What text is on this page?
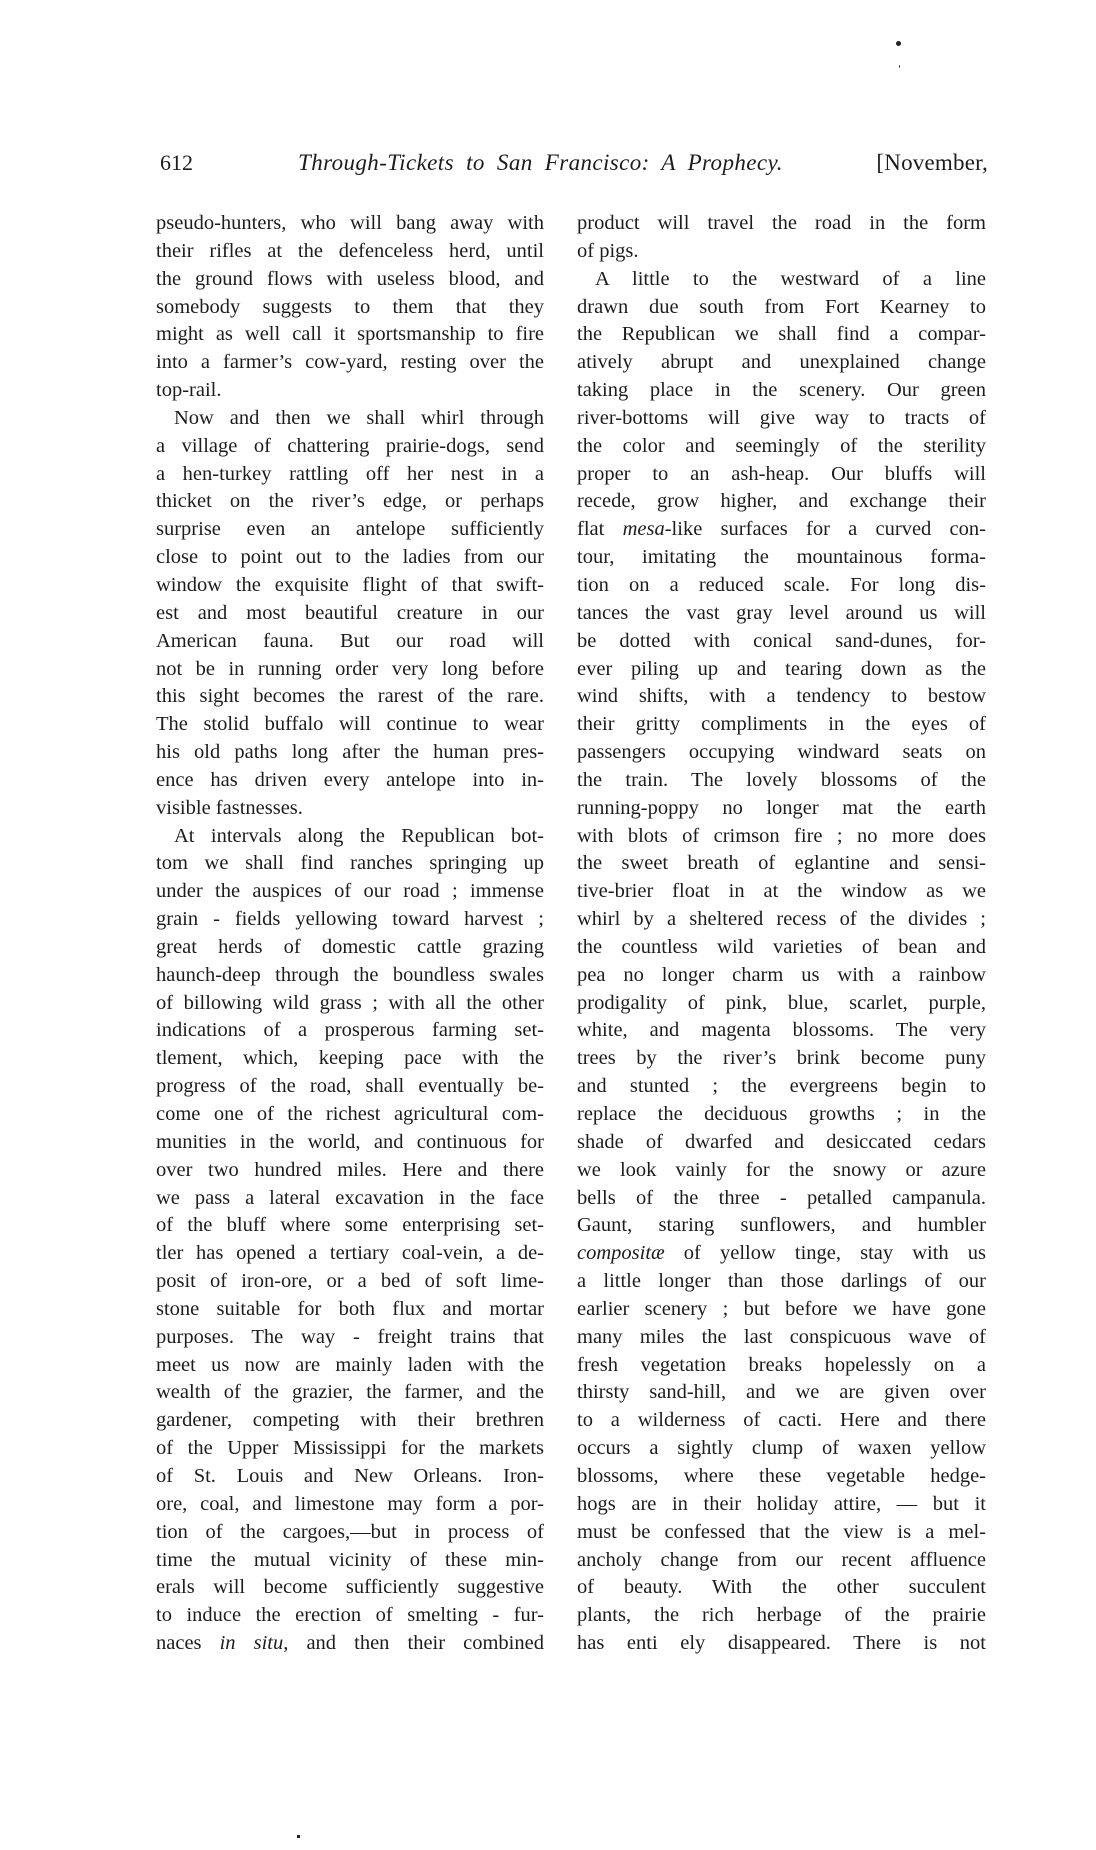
612	Through-Tickets to San Francisco: A Prophecy.	[November,
pseudo-hunters, who will bang away with
their rifles at the defenceless herd, until
the ground flows with useless blood, and
somebody suggests to them that they
might as well call it sportsmanship to fire
into a farmer’s cow-yard, resting over the
top-rail.
Now and then we shall whirl through
a village of chattering prairie-dogs, send
a hen-turkey rattling off her nest in a
thicket on the river’s edge, or perhaps
surprise even an antelope sufficiently
close to point out to the ladies from our
window the exquisite flight of that swift-
est and most beautiful creature in our
American fauna. But our road will
not be in running order very long before
this sight becomes the rarest of the rare.
The stolid buffalo will continue to wear
his old paths long after the human pres-
ence has driven every antelope into in-
visible fastnesses.
At intervals along the Republican bot-
tom we shall find ranches springing up
under the auspices of our road ; immense
grain - fields yellowing toward harvest ;
great herds of domestic cattle grazing
haunch-deep through the boundless swales
of billowing wild grass ; with all the other
indications of a prosperous farming set-
tlement, which, keeping pace with the
progress of the road, shall eventually be-
come one of the richest agricultural com-
munities in the world, and continuous for
over two hundred miles. Here and there
we pass a lateral excavation in the face
of the bluff where some enterprising set-
tler has opened a tertiary coal-vein, a de-
posit of iron-ore, or a bed of soft lime-
stone suitable for both flux and mortar
purposes. The way - freight trains that
meet us now are mainly laden with the
wealth of the grazier, the farmer, and the
gardener, competing with their brethren
of the Upper Mississippi for the markets
of St. Louis and New Orleans. Iron-
ore, coal, and limestone may form a por-
tion of the cargoes,—but in process of
time the mutual vicinity of these min-
erals will become sufficiently suggestive
to induce the erection of smelting - fur-
naces in situ, and then their combined
product will travel the road in the form
of pigs.
A little to the westward of a line
drawn due south from Fort Kearney to
the Republican we shall find a compar-
atively abrupt and unexplained change
taking place in the scenery. Our green
river-bottoms will give way to tracts of
the color and seemingly of the sterility
proper to an ash-heap. Our bluffs will
recede, grow higher, and exchange their
flat mesa-like surfaces for a curved con-
tour, imitating the mountainous forma-
tion on a reduced scale. For long dis-
tances the vast gray level around us will
be dotted with conical sand-dunes, for-
ever piling up and tearing down as the
wind shifts, with a tendency to bestow
their gritty compliments in the eyes of
passengers occupying windward seats on
the train. The lovely blossoms of the
running-poppy no longer mat the earth
with blots of crimson fire ; no more does
the sweet breath of eglantine and sensi-
tive-brier float in at the window as we
whirl by a sheltered recess of the divides ;
the countless wild varieties of bean and
pea no longer charm us with a rainbow
prodigality of pink, blue, scarlet, purple,
white, and magenta blossoms. The very
trees by the river’s brink become puny
and stunted ; the evergreens begin to
replace the deciduous growths ; in the
shade of dwarfed and desiccated cedars
we look vainly for the snowy or azure
bells of the three - petalled campanula.
Gaunt, staring sunflowers, and humbler
compositæ of yellow tinge, stay with us
a little longer than those darlings of our
earlier scenery ; but before we have gone
many miles the last conspicuous wave of
fresh vegetation breaks hopelessly on a
thirsty sand-hill, and we are given over
to a wilderness of cacti. Here and there
occurs a sightly clump of waxen yellow
blossoms, where these vegetable hedge-
hogs are in their holiday attire, — but it
must be confessed that the view is a mel-
ancholy change from our recent affluence
of beauty. With the other succulent
plants, the rich herbage of the prairie
has enti ely disappeared. There is not
